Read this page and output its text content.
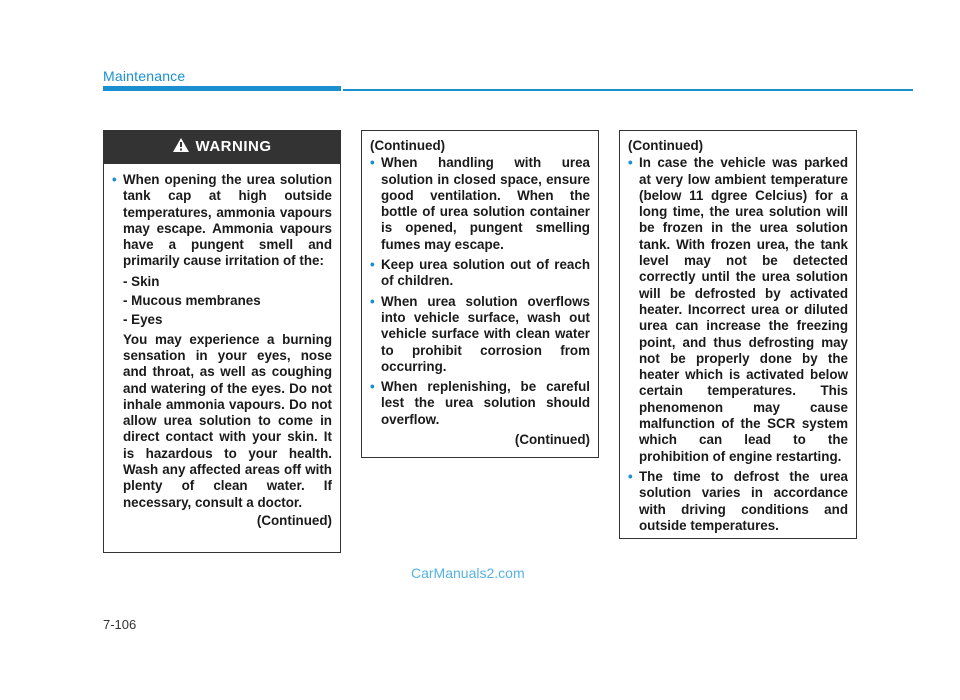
Maintenance
WARNING
• When opening the urea solution tank cap at high outside temperatures, ammonia vapours may escape. Ammonia vapours have a pungent smell and primarily cause irritation of the:
- Skin
- Mucous membranes
- Eyes
You may experience a burning sensation in your eyes, nose and throat, as well as coughing and watering of the eyes. Do not inhale ammonia vapours. Do not allow urea solution to come in direct contact with your skin. It is hazardous to your health. Wash any affected areas off with plenty of clean water. If necessary, consult a doctor.
(Continued)
(Continued)
• When handling with urea solution in closed space, ensure good ventilation. When the bottle of urea solution container is opened, pungent smelling fumes may escape.
• Keep urea solution out of reach of children.
• When urea solution overflows into vehicle surface, wash out vehicle surface with clean water to prohibit corrosion from occurring.
• When replenishing, be careful lest the urea solution should overflow.
(Continued)
(Continued)
• In case the vehicle was parked at very low ambient temperature (below 11 dgree Celcius) for a long time, the urea solution will be frozen in the urea solution tank. With frozen urea, the tank level may not be detected correctly until the urea solution will be defrosted by activated heater. Incorrect urea or diluted urea can increase the freezing point, and thus defrosting may not be properly done by the heater which is activated below certain temperatures. This phenomenon may cause malfunction of the SCR system which can lead to the prohibition of engine restarting.
• The time to defrost the urea solution varies in accordance with driving conditions and outside temperatures.
CarManuals2.com
7-106
